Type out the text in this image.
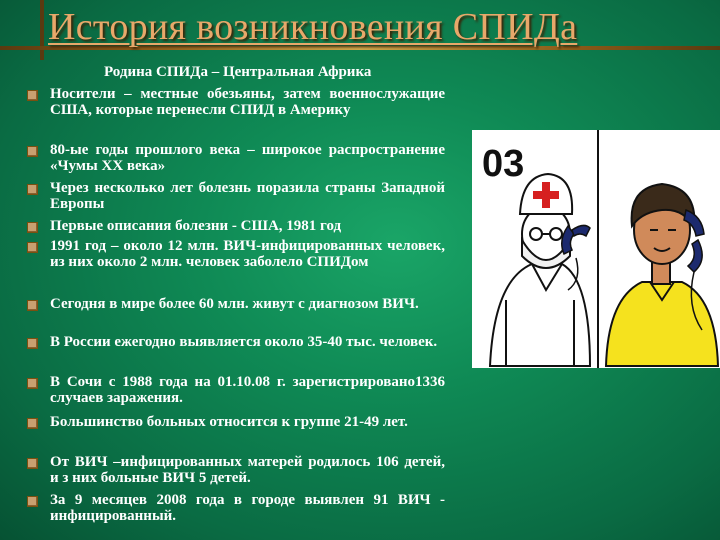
История возникновения СПИДа
Родина СПИДа – Центральная Африка
Носители – местные обезьяны, затем военнослужащие США, которые перенесли СПИД в Америку
80-ые годы прошлого века – широкое распространение «Чумы XX века»
Через несколько лет болезнь поразила страны Западной Европы
Первые описания болезни - США, 1981 год
1991 год – около 12 млн. ВИЧ-инфицированных человек, из них около 2 млн. человек заболело СПИДом
Сегодня в мире более 60 млн. живут с диагнозом ВИЧ.
В России ежегодно выявляется около 35-40 тыс. человек.
В Сочи с 1988 года на 01.10.08 г. зарегистрировано1336 случаев заражения.
Большинство больных относится к группе 21-49 лет.
От ВИЧ –инфицированных матерей родилось 106 детей, и з них больные ВИЧ 5 детей.
За 9 месяцев 2008 года в городе выявлен 91 ВИЧ - инфицированный.
03
